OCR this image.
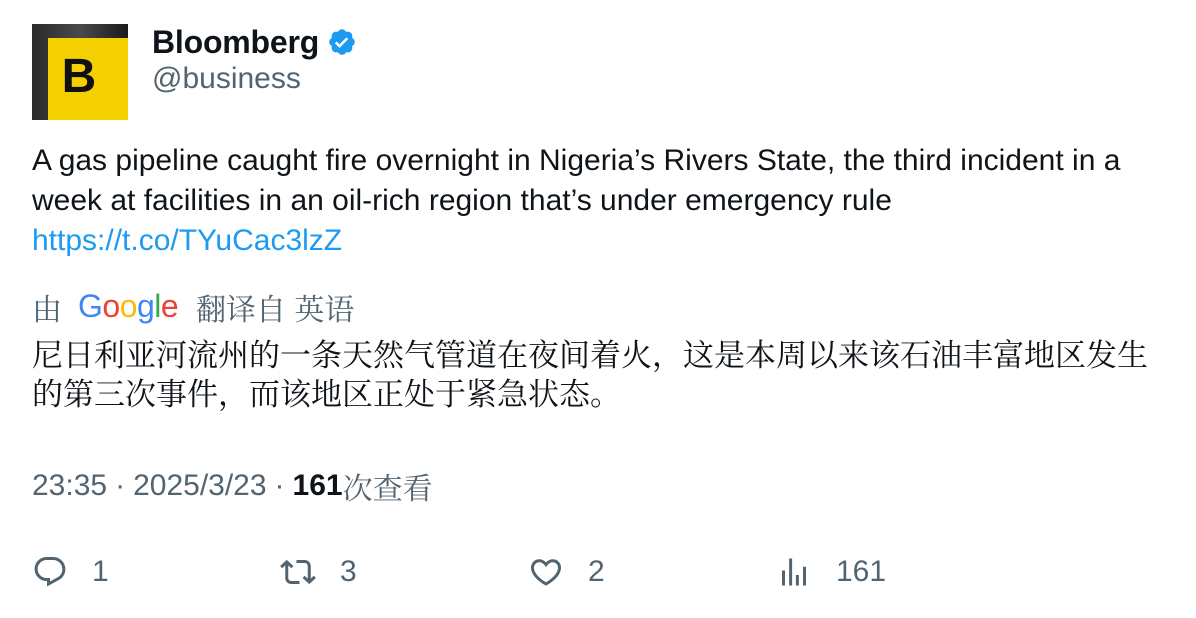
B
Bloomberg
@business
A gas pipeline caught fire overnight in Nigeria’s Rivers State, the third incident in a week at facilities in an oil-rich region that’s under emergency rule
https://t.co/TYuCac3lzZ
由 Google 翻译自 英语
尼日利亚河流州的一条天然气管道在夜间着火，这是本周以来该石油丰富地区发生的第三次事件，而该地区正处于紧急状态。
23:35 · 2025/3/23 · 161 次查看
1	3	2	161
